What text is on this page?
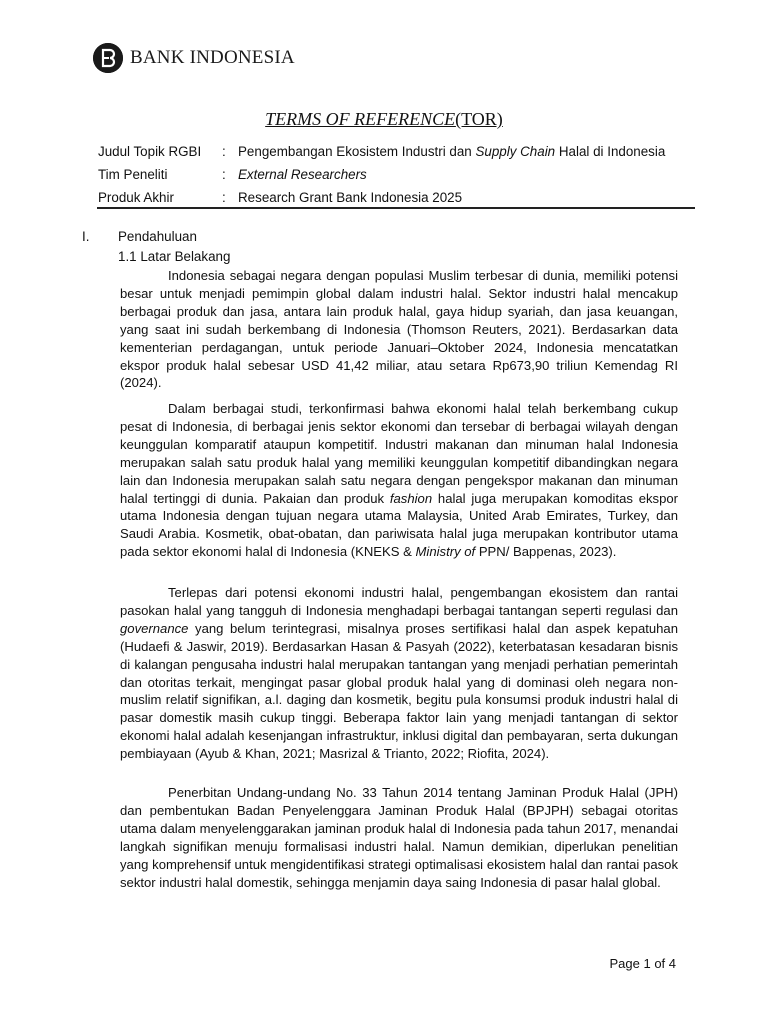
BANK INDONESIA
TERMS OF REFERENCE(TOR)
Judul Topik RGBI	: Pengembangan Ekosistem Industri dan Supply Chain Halal di Indonesia
Tim Peneliti	: External Researchers
Produk Akhir	: Research Grant Bank Indonesia 2025
I.	Pendahuluan
1.1 Latar Belakang

Indonesia sebagai negara dengan populasi Muslim terbesar di dunia, memiliki potensi besar untuk menjadi pemimpin global dalam industri halal. Sektor industri halal mencakup berbagai produk dan jasa, antara lain produk halal, gaya hidup syariah, dan jasa keuangan, yang saat ini sudah berkembang di Indonesia (Thomson Reuters, 2021). Berdasarkan data kementerian perdagangan, untuk periode Januari–Oktober 2024, Indonesia mencatatkan ekspor produk halal sebesar USD 41,42 miliar, atau setara Rp673,90 triliun Kemendag RI (2024).

Dalam berbagai studi, terkonfirmasi bahwa ekonomi halal telah berkembang cukup pesat di Indonesia, di berbagai jenis sektor ekonomi dan tersebar di berbagai wilayah dengan keunggulan komparatif ataupun kompetitif. Industri makanan dan minuman halal Indonesia merupakan salah satu produk halal yang memiliki keunggulan kompetitif dibandingkan negara lain dan Indonesia merupakan salah satu negara dengan pengekspor makanan dan minuman halal tertinggi di dunia. Pakaian dan produk fashion halal juga merupakan komoditas ekspor utama Indonesia dengan tujuan negara utama Malaysia, United Arab Emirates, Turkey, dan Saudi Arabia. Kosmetik, obat-obatan, dan pariwisata halal juga merupakan kontributor utama pada sektor ekonomi halal di Indonesia (KNEKS & Ministry of PPN/ Bappenas, 2023).

Terlepas dari potensi ekonomi industri halal, pengembangan ekosistem dan rantai pasokan halal yang tangguh di Indonesia menghadapi berbagai tantangan seperti regulasi dan governance yang belum terintegrasi, misalnya proses sertifikasi halal dan aspek kepatuhan (Hudaefi & Jaswir, 2019). Berdasarkan Hasan & Pasyah (2022), keterbatasan kesadaran bisnis di kalangan pengusaha industri halal merupakan tantangan yang menjadi perhatian pemerintah dan otoritas terkait, mengingat pasar global produk halal yang di dominasi oleh negara non-muslim relatif signifikan, a.l. daging dan kosmetik, begitu pula konsumsi produk industri halal di pasar domestik masih cukup tinggi. Beberapa faktor lain yang menjadi tantangan di sektor ekonomi halal adalah kesenjangan infrastruktur, inklusi digital dan pembayaran, serta dukungan pembiayaan (Ayub & Khan, 2021; Masrizal & Trianto, 2022; Riofita, 2024).

Penerbitan Undang-undang No. 33 Tahun 2014 tentang Jaminan Produk Halal (JPH) dan pembentukan Badan Penyelenggara Jaminan Produk Halal (BPJPH) sebagai otoritas utama dalam menyelenggarakan jaminan produk halal di Indonesia pada tahun 2017, menandai langkah signifikan menuju formalisasi industri halal. Namun demikian, diperlukan penelitian yang komprehensif untuk mengidentifikasi strategi optimalisasi ekosistem halal dan rantai pasok sektor industri halal domestik, sehingga menjamin daya saing Indonesia di pasar halal global.

Page 1 of 4
